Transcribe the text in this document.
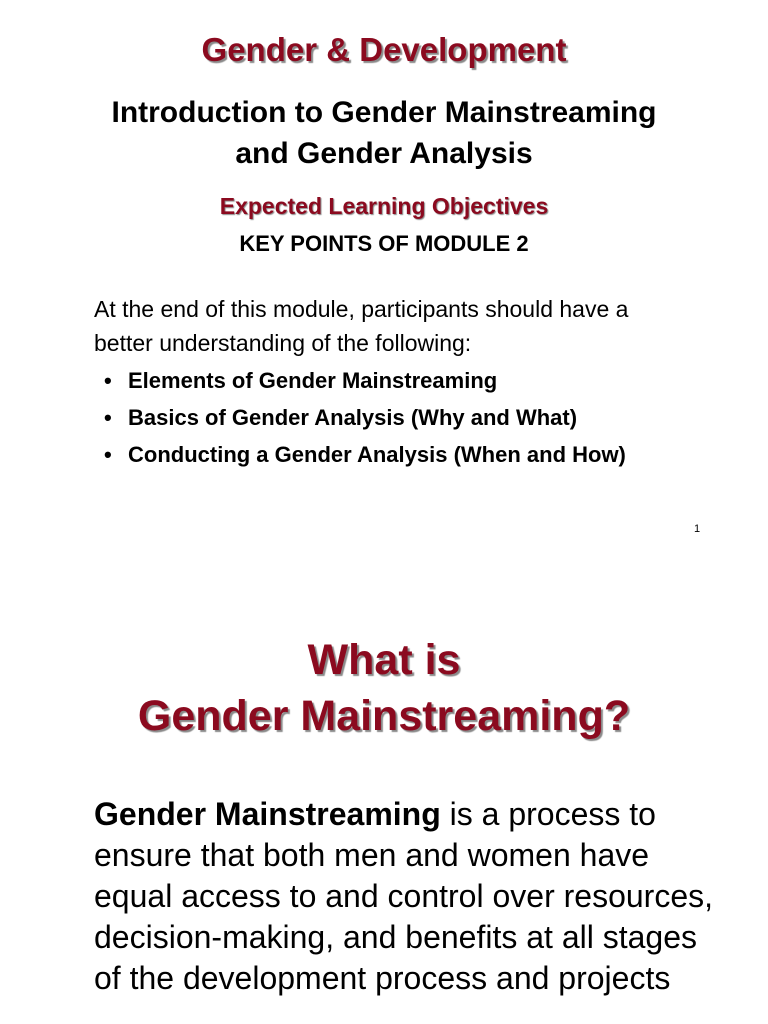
Gender & Development
Introduction to Gender Mainstreaming
and Gender Analysis
Expected Learning Objectives

KEY POINTS OF MODULE 2

At the end of this module, participants should have a
better understanding of the following:

• Elements of Gender Mainstreaming
• Basics of Gender Analysis (Why and What)
• Conducting a Gender Analysis (When and How)
1
What is
Gender Mainstreaming?

Gender Mainstreaming is a process to ensure that both men and women have equal access to and control over resources, decision-making, and benefits at all stages of the development process and projects
